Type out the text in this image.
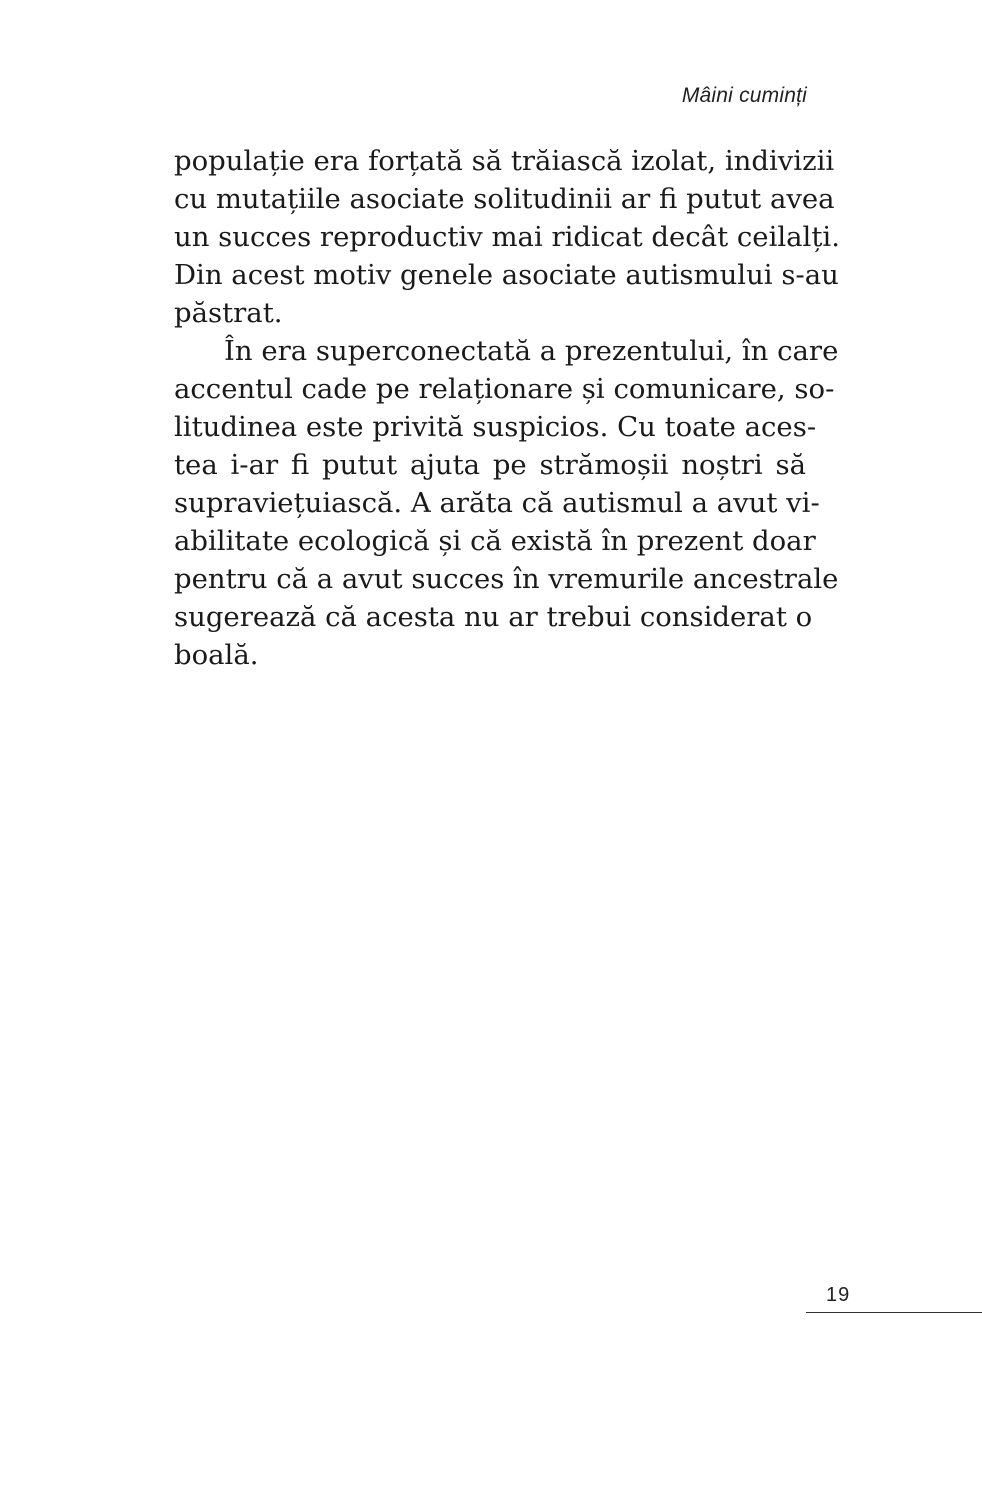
Mâini cuminți
populație era forțată să trăiască izolat, indivizii
cu mutațiile asociate solitudinii ar fi putut avea
un succes reproductiv mai ridicat decât ceilalți.
Din acest motiv genele asociate autismului s-au
păstrat.
În era superconectată a prezentului, în care
accentul cade pe relaționare și comunicare, so-
litudinea este privită suspicios. Cu toate aces-
tea i-ar fi putut ajuta pe strămoșii noștri să
supraviețuiască. A arăta că autismul a avut vi-
abilitate ecologică și că există în prezent doar
pentru că a avut succes în vremurile ancestrale
sugerează că acesta nu ar trebui considerat o
boală.
19
